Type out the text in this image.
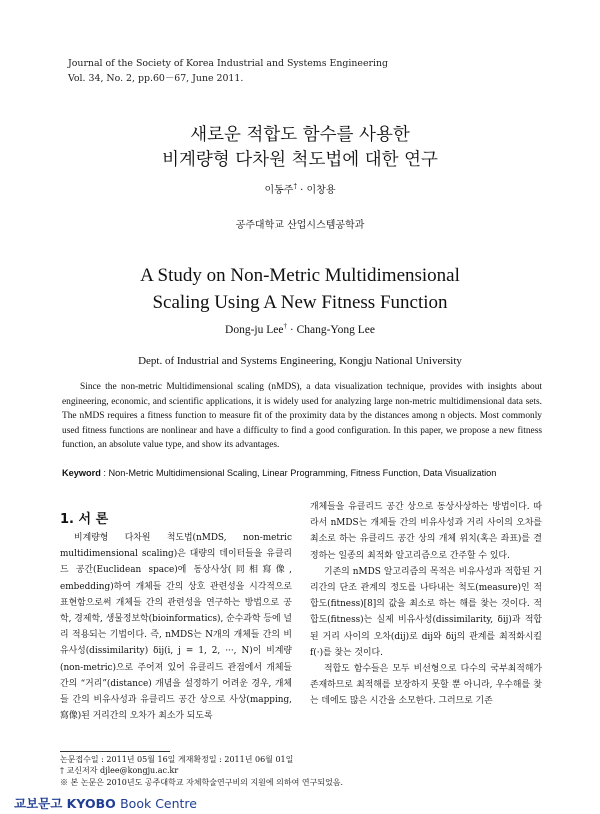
Journal of the Society of Korea Industrial and Systems Engineering
Vol. 34, No. 2, pp.60－67, June 2011.
새로운 적합도 함수를 사용한
비계량형 다차원 척도법에 대한 연구
이동주† · 이창용
공주대학교 산업시스템공학과
A Study on Non-Metric Multidimensional
Scaling Using A New Fitness Function
Dong-ju Lee† · Chang-Yong Lee
Dept. of Industrial and Systems Engineering, Kongju National University
Since the non-metric Multidimensional scaling (nMDS), a data visualization technique, provides with insights about engineering, economic, and scientific applications, it is widely used for analyzing large non-metric multidimensional data sets. The nMDS requires a fitness function to measure fit of the proximity data by the distances among n objects. Most commonly used fitness functions are nonlinear and have a difficulty to find a good configuration. In this paper, we propose a new fitness function, an absolute value type, and show its advantages.
Keyword : Non-Metric Multidimensional Scaling, Linear Programming, Fitness Function, Data Visualization
1. 서 론

비계량형 다차원 척도법(nMDS, non-metric multidimensional scaling)은 대량의 데이터들을 유클리드 공간(Euclidean space)에 동상사상(同相寫像, embedding)하여 개체들 간의 상호 관련성을 시각적으로 표현함으로써 개체들 간의 관련성을 연구하는 방법으로 공학, 경제학, 생물정보학(bioinformatics), 순수과학 등에 널리 적용되는 기법이다. 즉, nMDS는 N개의 개체들 간의 비유사성(dissimilarity) δij(i, j = 1, 2, ···, N)이 비계량(non-metric)으로 주어져 있어 유클리드 관점에서 개체들 간의 “거리”(distance) 개념을 설정하기 어려운 경우, 개체들 간의 비유사성과 유클리드 공간 상으로 사상(mapping, 寫像)된 거리간의 오차가 최소가 되도록

개체들을 유클리드 공간 상으로 동상사상하는 방법이다. 따라서 nMDS는 개체들 간의 비유사성과 거리 사이의 오차를 최소로 하는 유클리드 공간 상의 개체 위치(혹은 좌표)를 결정하는 일종의 최적화 알고리즘으로 간주할 수 있다.

기존의 nMDS 알고리즘의 목적은 비유사성과 적합된 거리간의 단조 관계의 정도를 나타내는 척도(measure)인 적합도(fitness)[8]의 값을 최소로 하는 해를 찾는 것이다. 적합도(fitness)는 실제 비유사성(dissimilarity, δij)과 적합된 거리 사이의 오차(dij)로 dij와 δij의 관계를 최적화시킬 f(·)를 찾는 것이다.

적합도 함수들은 모두 비선형으로 다수의 국부최적해가 존재하므로 최적해를 보장하지 못할 뿐 아니라, 우수해를 찾는 데에도 많은 시간을 소모한다. 그러므로 기존

논문접수일 : 2011년 05월 16일 게재확정일 : 2011년 06월 01일
† 교신저자 djlee@kongju.ac.kr
※ 본 논문은 2010년도 공주대학교 자체학술연구비의 지원에 의하여 연구되었음.
교보문고 KYOBO Book Centre
